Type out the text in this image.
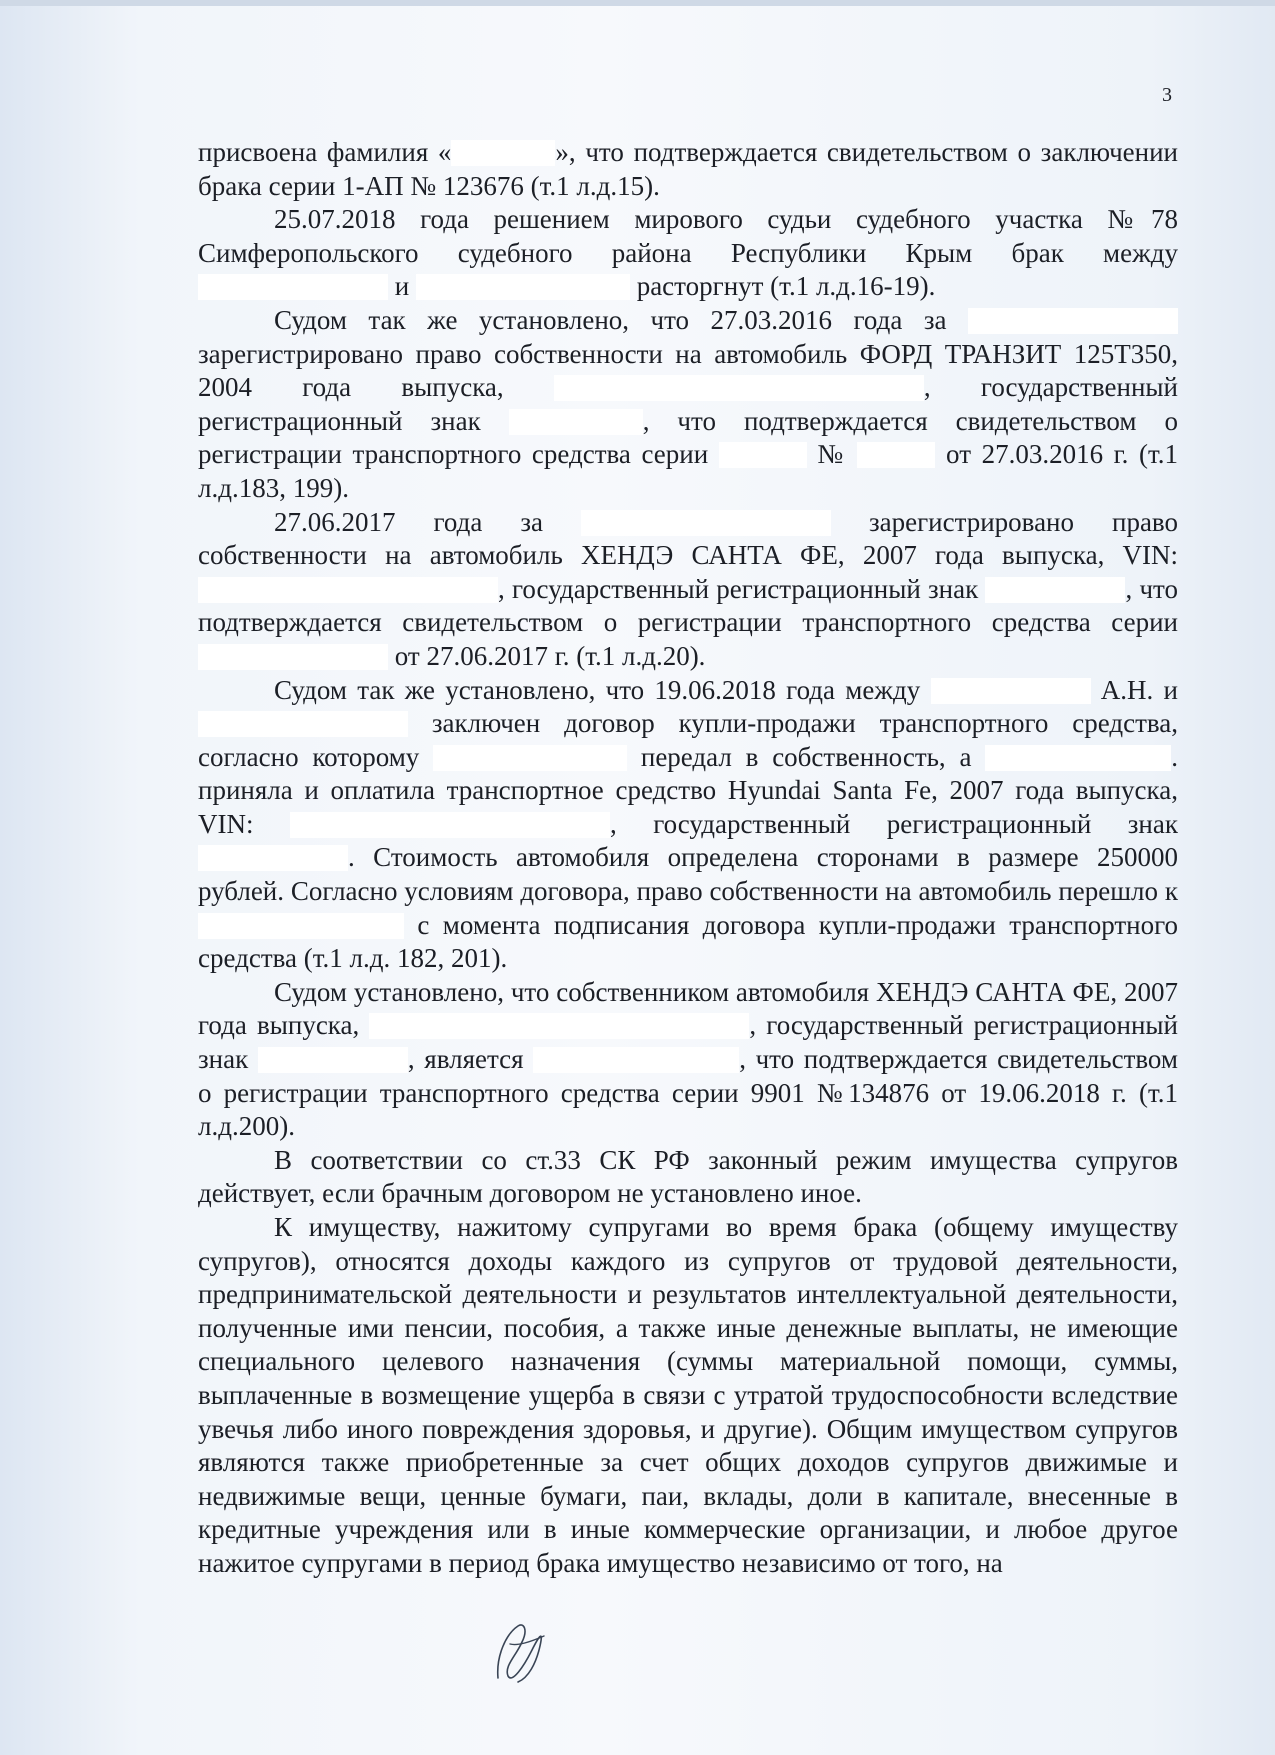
3

присвоена фамилия «	», что подтверждается свидетельством о заключении брака серии 1-АП № 123676 (т.1 л.д.15).

25.07.2018 года решением мирового судьи судебного участка №78 Симферопольского судебного района Республики Крым брак между  и	расторгнут (т.1 л.д.16-19).

Судом так же установлено, что 27.03.2016 года за  зарегистрировано право собственности на автомобиль ФОРД ТРАНЗИТ 125Т350, 2004 года выпуска,	, государственный регистрационный знак	, что подтверждается свидетельством о регистрации транспортного средства серии	№	от 27.03.2016 г. (т.1 л.д.183, 199).

27.06.2017 года за	зарегистрировано право собственности на автомобиль ХЕНДЭ САНТА ФЕ, 2007 года выпуска, VIN: , государственный регистрационный знак	, что подтверждается свидетельством о регистрации транспортного средства серии  от 27.06.2017 г. (т.1 л.д.20).

Судом так же установлено, что 19.06.2018 года между	А.Н. и  заключен договор купли-продажи транспортного средства, согласно которому	передал в собственность, а	. приняла и оплатила транспортное средство Hyundai Santa Fe, 2007 года выпуска, VIN:	, государственный регистрационный знак . Стоимость автомобиля определена сторонами в размере 250000 рублей. Согласно условиям договора, право собственности на автомобиль перешло к  с момента подписания договора купли-продажи транспортного средства (т.1 л.д. 182, 201).

Судом установлено, что собственником автомобиля ХЕНДЭ САНТА ФЕ, 2007 года выпуска,	, государственный регистрационный знак	, является	, что подтверждается свидетельством о регистрации транспортного средства серии 9901 №134876 от 19.06.2018 г. (т.1 л.д.200).

В соответствии со ст.33 СК РФ законный режим имущества супругов действует, если брачным договором не установлено иное.

К имуществу, нажитому супругами во время брака (общему имуществу супругов), относятся доходы каждого из супругов от трудовой деятельности, предпринимательской деятельности и результатов интеллектуальной деятельности, полученные ими пенсии, пособия, а также иные денежные выплаты, не имеющие специального целевого назначения (суммы материальной помощи, суммы, выплаченные в возмещение ущерба в связи с утратой трудоспособности вследствие увечья либо иного повреждения здоровья, и другие). Общим имуществом супругов являются также приобретенные за счет общих доходов супругов движимые и недвижимые вещи, ценные бумаги, паи, вклады, доли в капитале, внесенные в кредитные учреждения или в иные коммерческие организации, и любое другое нажитое супругами в период брака имущество независимо от того, на
